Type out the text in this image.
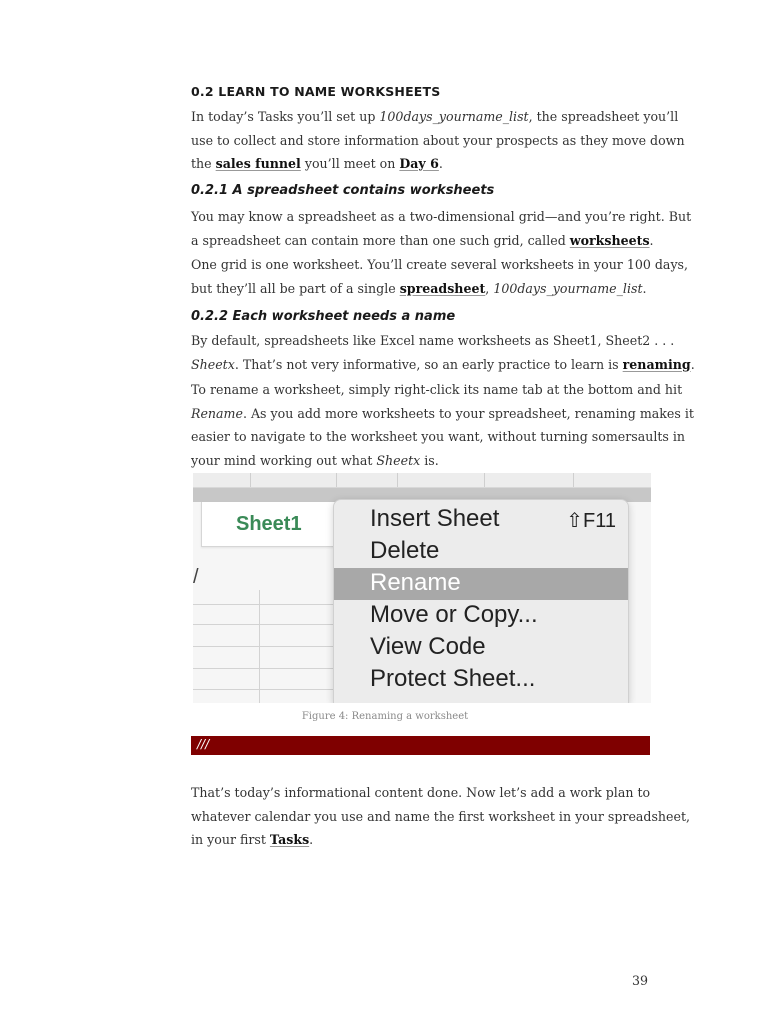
0.2 LEARN TO NAME WORKSHEETS

In today’s Tasks you’ll set up 100days_yourname_list, the spreadsheet you’ll
use to collect and store information about your prospects as they move down
the sales funnel you’ll meet on Day 6.

0.2.1 A spreadsheet contains worksheets

You may know a spreadsheet as a two-dimensional grid—and you’re right. But
a spreadsheet can contain more than one such grid, called worksheets.

One grid is one worksheet. You’ll create several worksheets in your 100 days,
but they’ll all be part of a single spreadsheet, 100days_yourname_list.

0.2.2 Each worksheet needs a name

By default, spreadsheets like Excel name worksheets as Sheet1, Sheet2 . . .
Sheetx. That’s not very informative, so an early practice to learn is renaming.

To rename a worksheet, simply right-click its name tab at the bottom and hit
Rename. As you add more worksheets to your spreadsheet, renaming makes it
easier to navigate to the worksheet you want, without turning somersaults in
your mind working out what Sheetx is.

Sheet1
/
Insert Sheet	⇧F11
Delete
Rename
Move or Copy...
View Code
Protect Sheet...
Figure 4: Renaming a worksheet
///

That’s today’s informational content done. Now let’s add a work plan to
whatever calendar you use and name the first worksheet in your spreadsheet,
in your first Tasks.

39
